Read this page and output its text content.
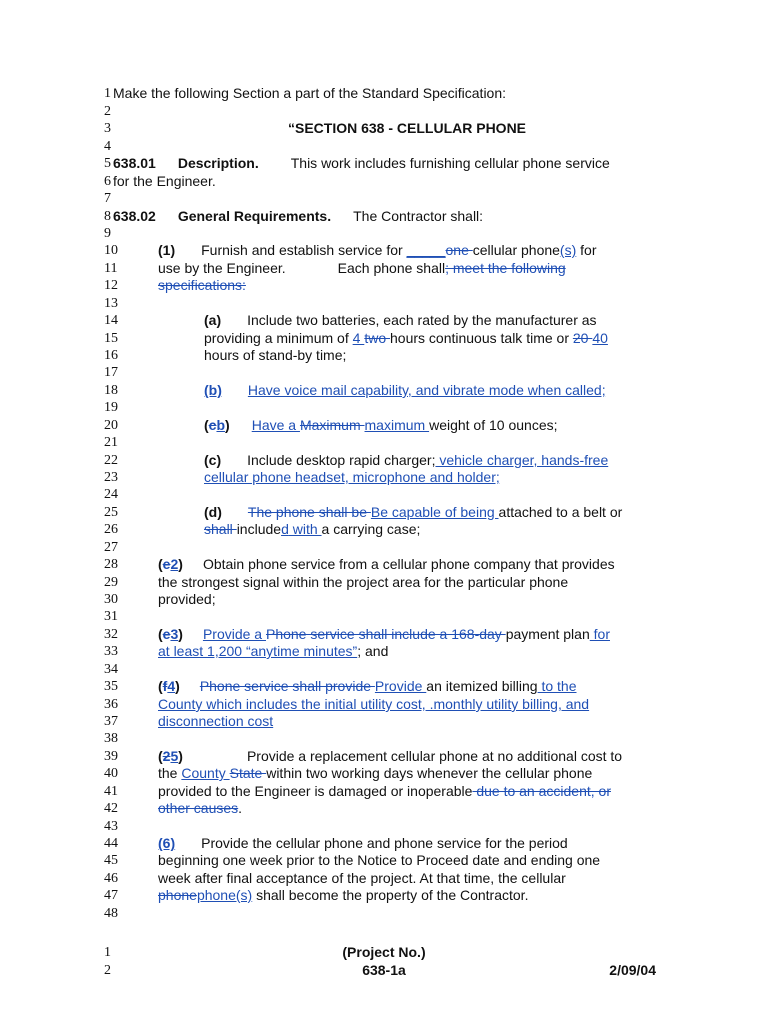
1
2
3
4
5
6
7
8
9
10
11
12
13
14
15
16
17
18
19
20
21
22
23
24
25
26
27
28
29
30
31
32
33
34
35
36
37
38
39
40
41
42
43
44
45
46
47
48
Make the following Section a part of the Standard Specification:
“SECTION 638 - CELLULAR PHONE
638.01 Description. This work includes furnishing cellular phone service
for the Engineer.
638.02 General Requirements. The Contractor shall:
(1) Furnish and establish service for _____one cellular phone(s) for
use by the Engineer.	Each phone shall; meet the following
specifications:
(a) Include two batteries, each rated by the manufacturer as
providing a minimum of 4 two hours continuous talk time or 20 40
hours of stand-by time;
(b) Have voice mail capability, and vibrate mode when called;
(cb) Have a Maximum maximum weight of 10 ounces;
(c) Include desktop rapid charger; vehicle charger, hands-free
cellular phone headset, microphone and holder;
(d) The phone shall be Be capable of being attached to a belt or
shall included with a carrying case;
(e2) Obtain phone service from a cellular phone company that provides
the strongest signal within the project area for the particular phone
provided;
(e3) Provide a Phone service shall include a 168-day payment plan for
at least 1,200 “anytime minutes”; and
(f4) Phone service shall provide Provide an itemized billing to the
County which includes the initial utility cost, .monthly utility billing, and
disconnection cost
(25)	Provide a replacement cellular phone at no additional cost to
the County State within two working days whenever the cellular phone
provided to the Engineer is damaged or inoperable due to an accident, or
other causes.
(6) Provide the cellular phone and phone service for the period
beginning one week prior to the Notice to Proceed date and ending one
week after final acceptance of the project. At that time, the cellular
phonephone(s) shall become the property of the Contractor.
1
2
(Project No.)
638-1a	2/09/04
